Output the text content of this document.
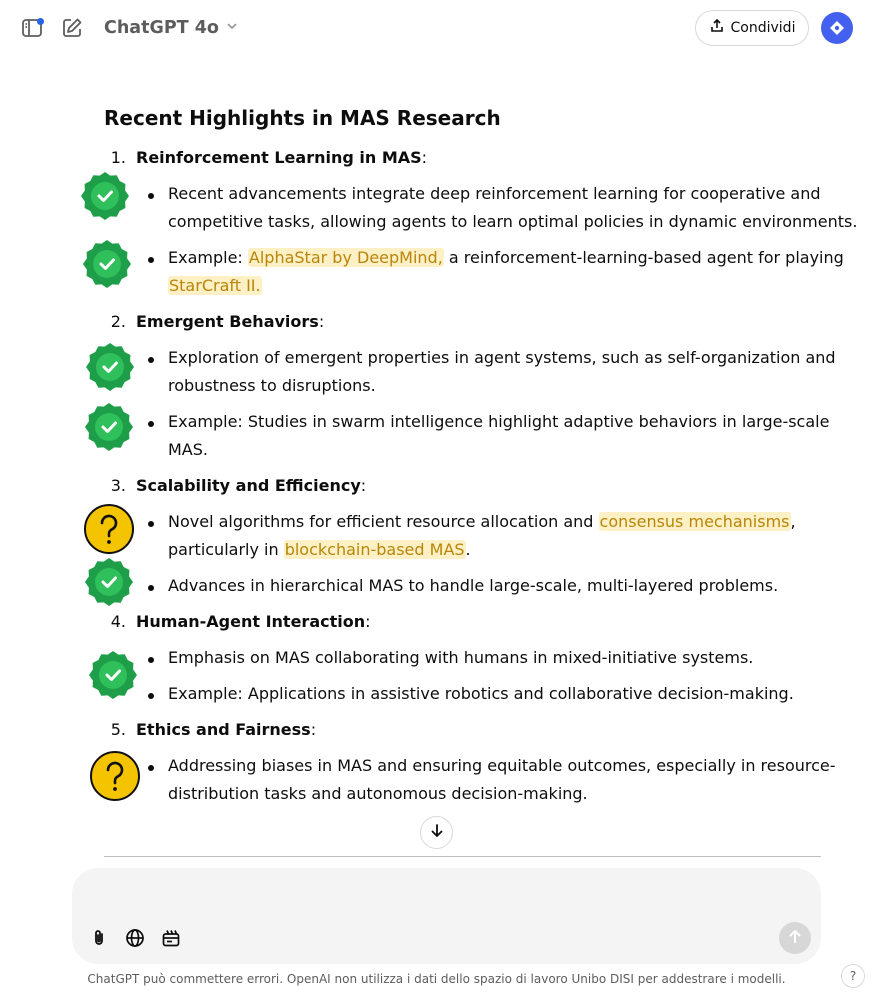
ChatGPT 4o	Condividi
Recent Highlights in MAS Research
1. Reinforcement Learning in MAS:
Recent advancements integrate deep reinforcement learning for cooperative and
competitive tasks, allowing agents to learn optimal policies in dynamic environments.
Example: AlphaStar by DeepMind, a reinforcement-learning-based agent for playing
StarCraft II.
2. Emergent Behaviors:
Exploration of emergent properties in agent systems, such as self-organization and
robustness to disruptions.
Example: Studies in swarm intelligence highlight adaptive behaviors in large-scale
MAS.
3. Scalability and Efficiency:
Novel algorithms for efficient resource allocation and consensus mechanisms,
particularly in blockchain-based MAS.
Advances in hierarchical MAS to handle large-scale, multi-layered problems.
4. Human-Agent Interaction:
Emphasis on MAS collaborating with humans in mixed-initiative systems.
Example: Applications in assistive robotics and collaborative decision-making.
5. Ethics and Fairness:
Addressing biases in MAS and ensuring equitable outcomes, especially in resource-
distribution tasks and autonomous decision-making.
ChatGPT può commettere errori. OpenAI non utilizza i dati dello spazio di lavoro Unibo DISI per addestrare i modelli.	?
